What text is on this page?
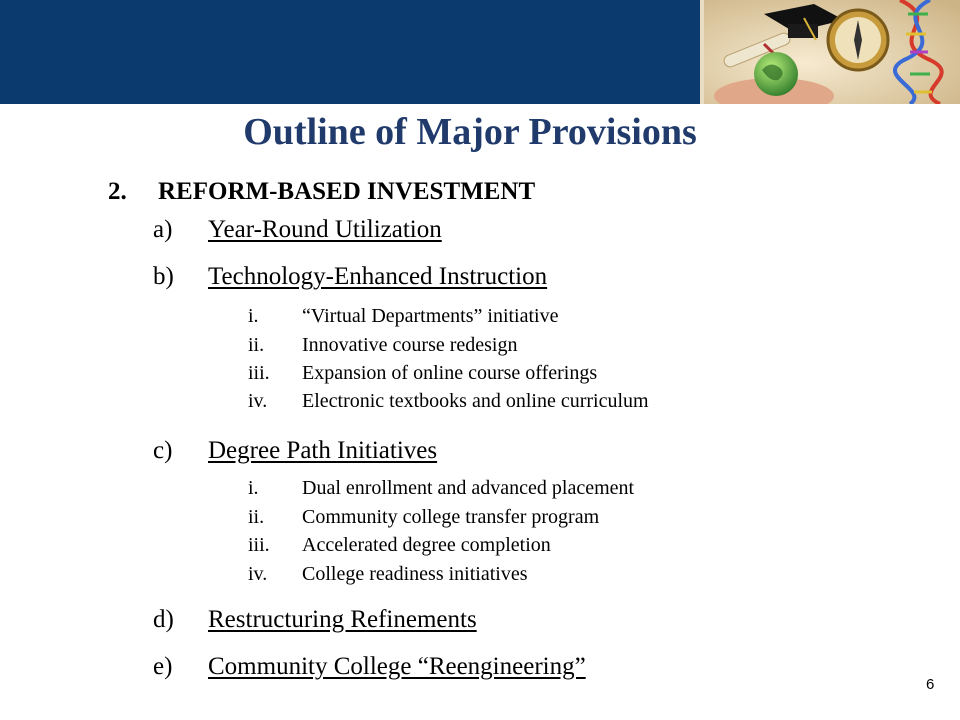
Outline of Major Provisions
2. REFORM-BASED INVESTMENT
a) Year-Round Utilization
b) Technology-Enhanced Instruction
i. “Virtual Departments” initiative
ii. Innovative course redesign
iii. Expansion of online course offerings
iv. Electronic textbooks and online curriculum
c) Degree Path Initiatives
i. Dual enrollment and advanced placement
ii. Community college transfer program
iii. Accelerated degree completion
iv. College readiness initiatives
d) Restructuring Refinements
e) Community College “Reengineering”
6
